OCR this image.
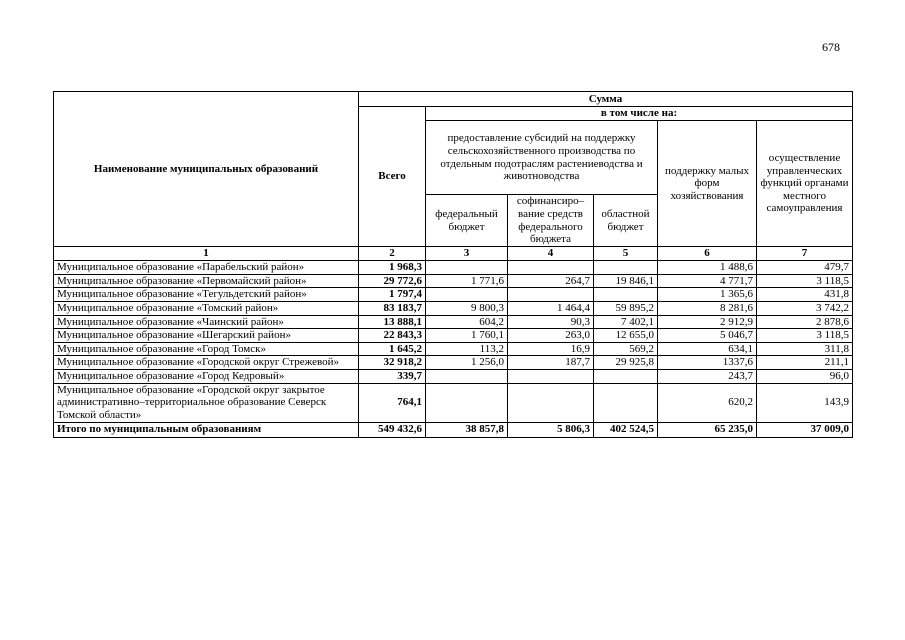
678
Наименование муниципальных образований	Сумма					
	Всего	в том числе на:				
		предоставление субсидий на поддержку сельскохозяйственного производства по отдельным подотраслям растениеводства и животноводства			поддержку малых форм хозяйствования	осуществление управленческих функций органами местного самоуправления
		федеральный бюджет	софинансиро–вание средств федерального бюджета	областной бюджет		
1	2	3	4	5	6	7
Муниципальное образование «Парабельский район»	1 968,3				1 488,6	479,7
Муниципальное образование «Первомайский район»	29 772,6	1 771,6	264,7	19 846,1	4 771,7	3 118,5
Муниципальное образование «Тегульдетский район»	1 797,4				1 365,6	431,8
Муниципальное образование «Томский район»	83 183,7	9 800,3	1 464,4	59 895,2	8 281,6	3 742,2
Муниципальное образование «Чаинский район»	13 888,1	604,2	90,3	7 402,1	2 912,9	2 878,6
Муниципальное образование «Шегарский район»	22 843,3	1 760,1	263,0	12 655,0	5 046,7	3 118,5
Муниципальное образование «Город Томск»	1 645,2	113,2	16,9	569,2	634,1	311,8
Муниципальное образование «Городской округ Стрежевой»	32 918,2	1 256,0	187,7	29 925,8	1337,6	211,1
Муниципальное образование «Город Кедровый»	339,7				243,7	96,0
Муниципальное образование «Городской округ закрытое административно–территориальное образование Северск Томской области»	764,1				620,2	143,9
Итого по муниципальным образованиям	549 432,6	38 857,8	5 806,3	402 524,5	65 235,0	37 009,0
